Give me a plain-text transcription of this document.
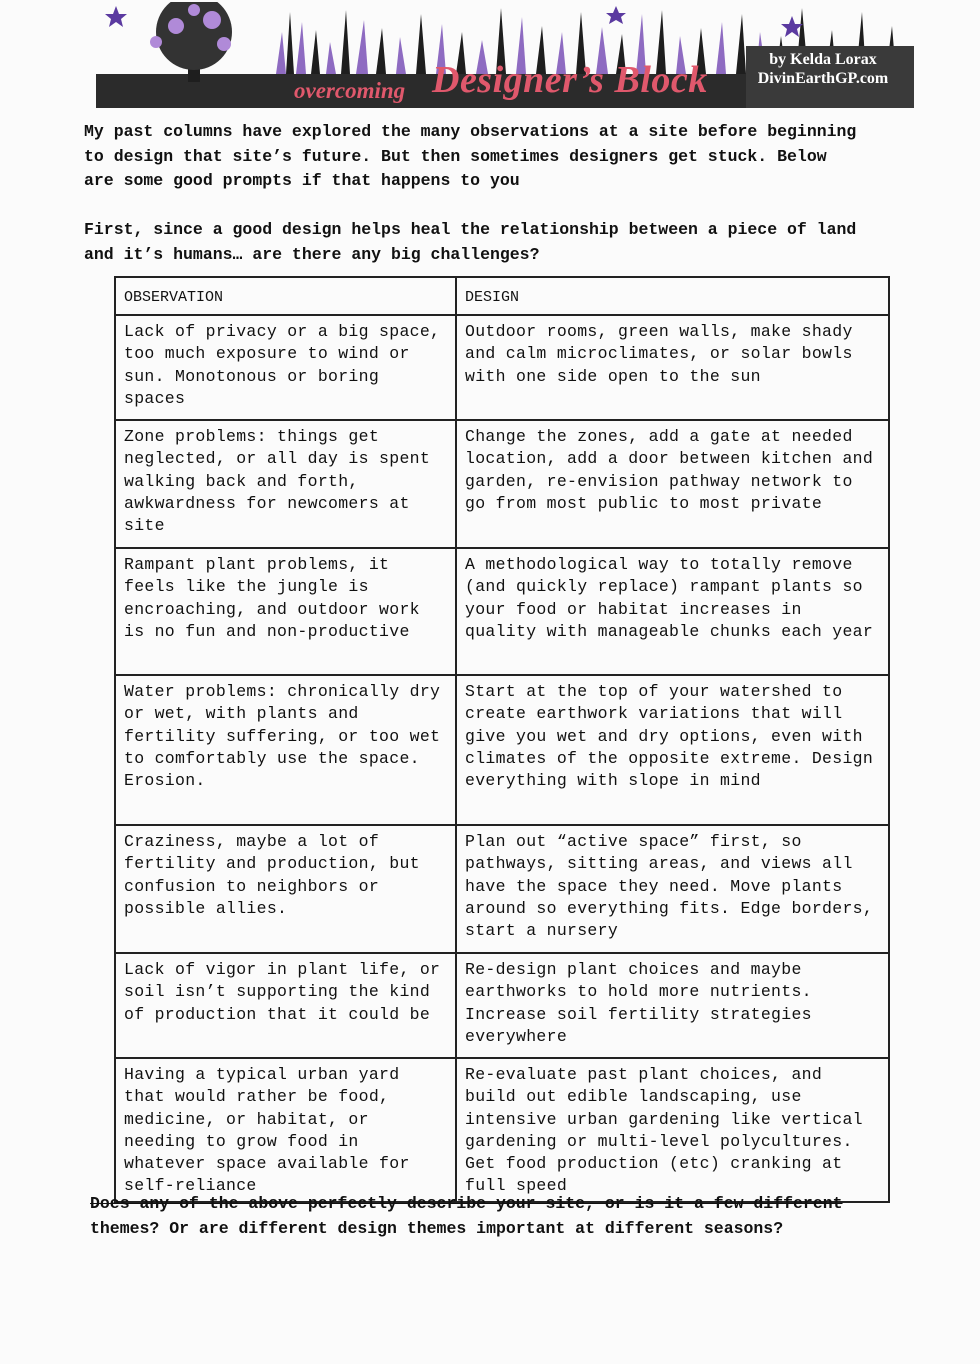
by Kelda Lorax
DivinEarthGP.com
overcoming Designer’s Block
My past columns have explored the many observations at a site before beginning
to design that site’s future. But then sometimes designers get stuck. Below
are some good prompts if that happens to you
First, since a good design helps heal the relationship between a piece of land
and it’s humans… are there any big challenges?
OBSERVATION	DESIGN
Lack of privacy or a big space, too much exposure to wind or sun. Monotonous or boring spaces	Outdoor rooms, green walls, make shady and calm microclimates, or solar bowls with one side open to the sun
Zone problems: things get neglected, or all day is spent walking back and forth, awkwardness for newcomers at site	Change the zones, add a gate at needed location, add a door between kitchen and garden, re-envision pathway network to go from most public to most private
Rampant plant problems, it feels like the jungle is encroaching, and outdoor work is no fun and non-productive	A methodological way to totally remove (and quickly replace) rampant plants so your food or habitat increases in quality with manageable chunks each year
Water problems: chronically dry or wet, with plants and fertility suffering, or too wet to comfortably use the space. Erosion.	Start at the top of your watershed to create earthwork variations that will give you wet and dry options, even with climates of the opposite extreme. Design everything with slope in mind
Craziness, maybe a lot of fertility and production, but confusion to neighbors or possible allies.	Plan out “active space” first, so pathways, sitting areas, and views all have the space they need. Move plants around so everything fits. Edge borders, start a nursery
Lack of vigor in plant life, or soil isn’t supporting the kind of production that it could be	Re-design plant choices and maybe earthworks to hold more nutrients. Increase soil fertility strategies everywhere
Having a typical urban yard that would rather be food, medicine, or habitat, or needing to grow food in whatever space available for self-reliance	Re-evaluate past plant choices, and build out edible landscaping, use intensive urban gardening like vertical gardening or multi-level polycultures. Get food production (etc) cranking at full speed
Does any of the above perfectly describe your site, or is it a few different
themes? Or are different design themes important at different seasons?
